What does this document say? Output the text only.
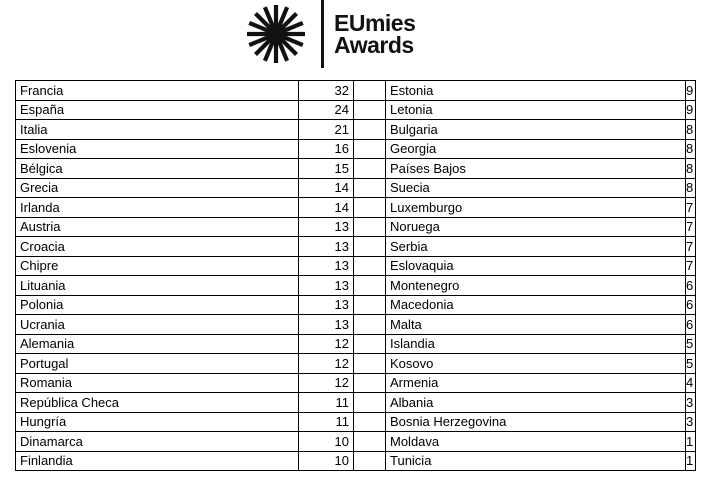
EUmies
Awards
Francia	32		Estonia	9
España	24		Letonia	9
Italia	21		Bulgaria	8
Eslovenia	16		Georgia	8
Bélgica	15		Países Bajos	8
Grecia	14		Suecia	8
Irlanda	14		Luxemburgo	7
Austria	13		Noruega	7
Croacia	13		Serbia	7
Chipre	13		Eslovaquia	7
Lituania	13		Montenegro	6
Polonia	13		Macedonia	6
Ucrania	13		Malta	6
Alemania	12		Islandia	5
Portugal	12		Kosovo	5
Romania	12		Armenia	4
República Checa	11		Albania	3
Hungría	11		Bosnia Herzegovina	3
Dinamarca	10		Moldava	1
Finlandia	10		Tunicia	1
